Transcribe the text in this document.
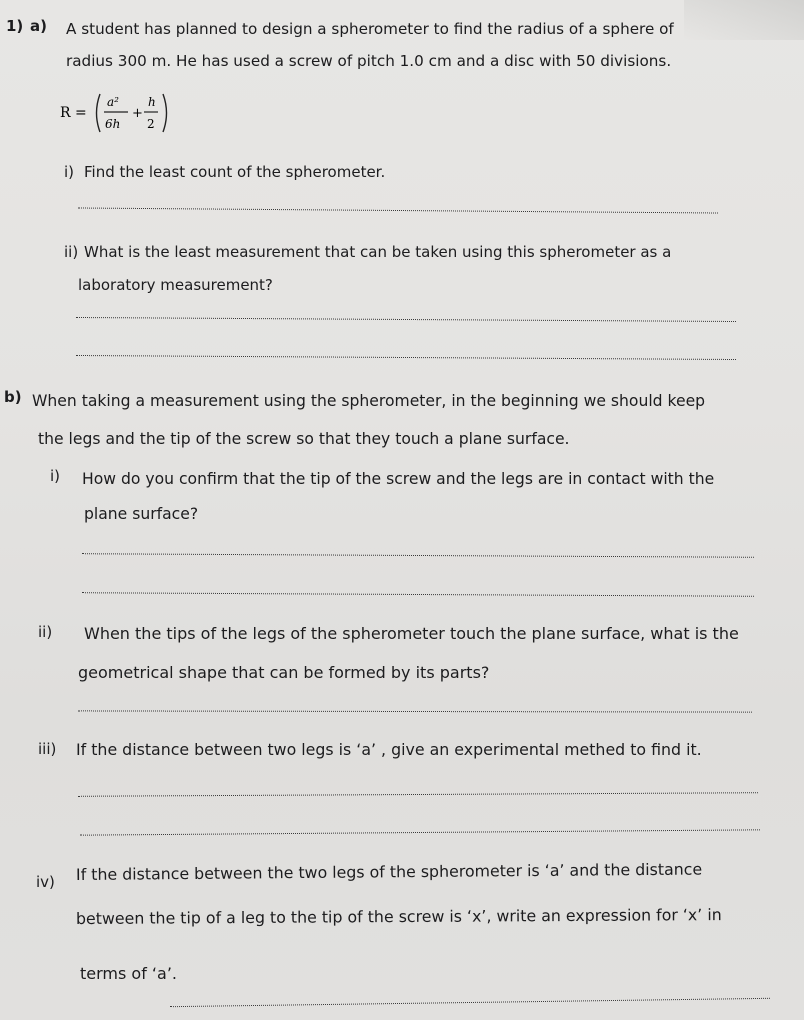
1) a) A student has planned to design a spherometer to find the radius of a sphere of
radius 300 m. He has used a screw of pitch 1.0 cm and a disc with 50 divisions.
R =
a²
6h
+
h
2
i) Find the least count of the spherometer.
ii) What is the least measurement that can be taken using this spherometer as a
laboratory measurement?
b) When taking a measurement using the spherometer, in the beginning we should keep
the legs and the tip of the screw so that they touch a plane surface.
i) How do you confirm that the tip of the screw and the legs are in contact with the
plane surface?
ii) When the tips of the legs of the spherometer touch the plane surface, what is the
geometrical shape that can be formed by its parts?
iii) If the distance between two legs is ‘a’ , give an experimental methed to find it.
iv) If the distance between the two legs of the spherometer is ‘a’ and the distance
between the tip of a leg to the tip of the screw is ‘x’, write an expression for ‘x’ in
terms of ‘a’.
